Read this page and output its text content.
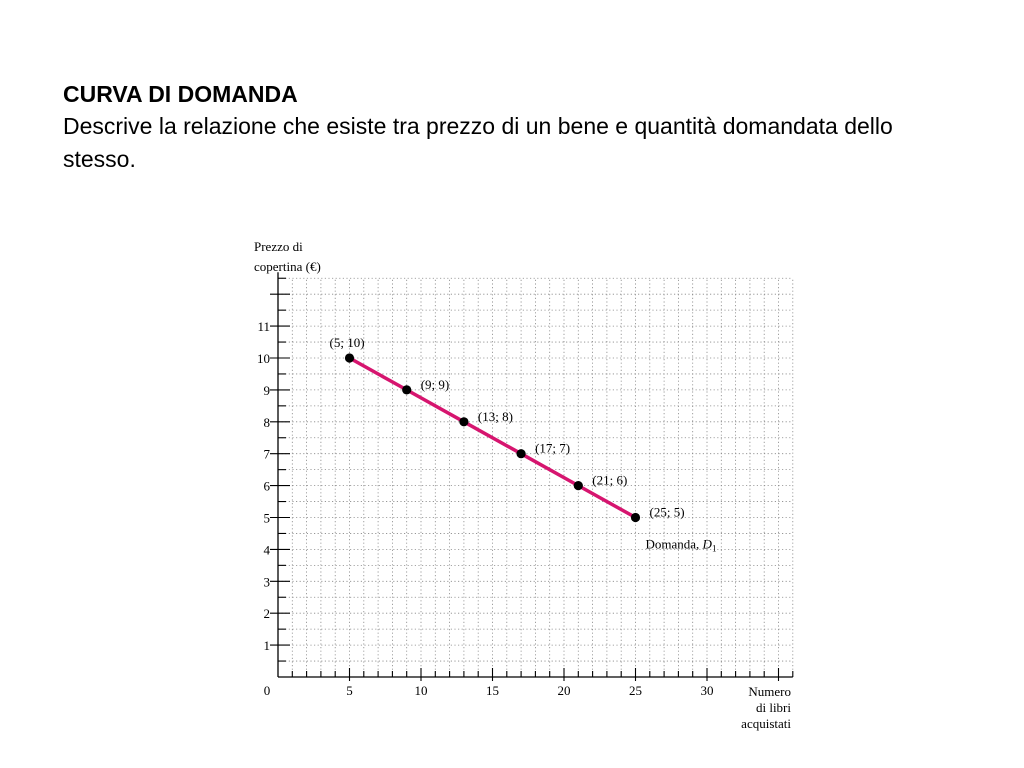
CURVA DI DOMANDA
Descrive la relazione che esiste tra prezzo di un bene e quantità domandata dello stesso.
1
2
3
4
5
6
7
8
9
10
11
0	5	10	15	20	25	30
(5; 10)
(9; 9)
(13; 8)
(17; 7)
(21; 6)
(25; 5)
Domanda, $D_1$
Prezzo di
copertina (€)
Numero
di libri
acquistati
